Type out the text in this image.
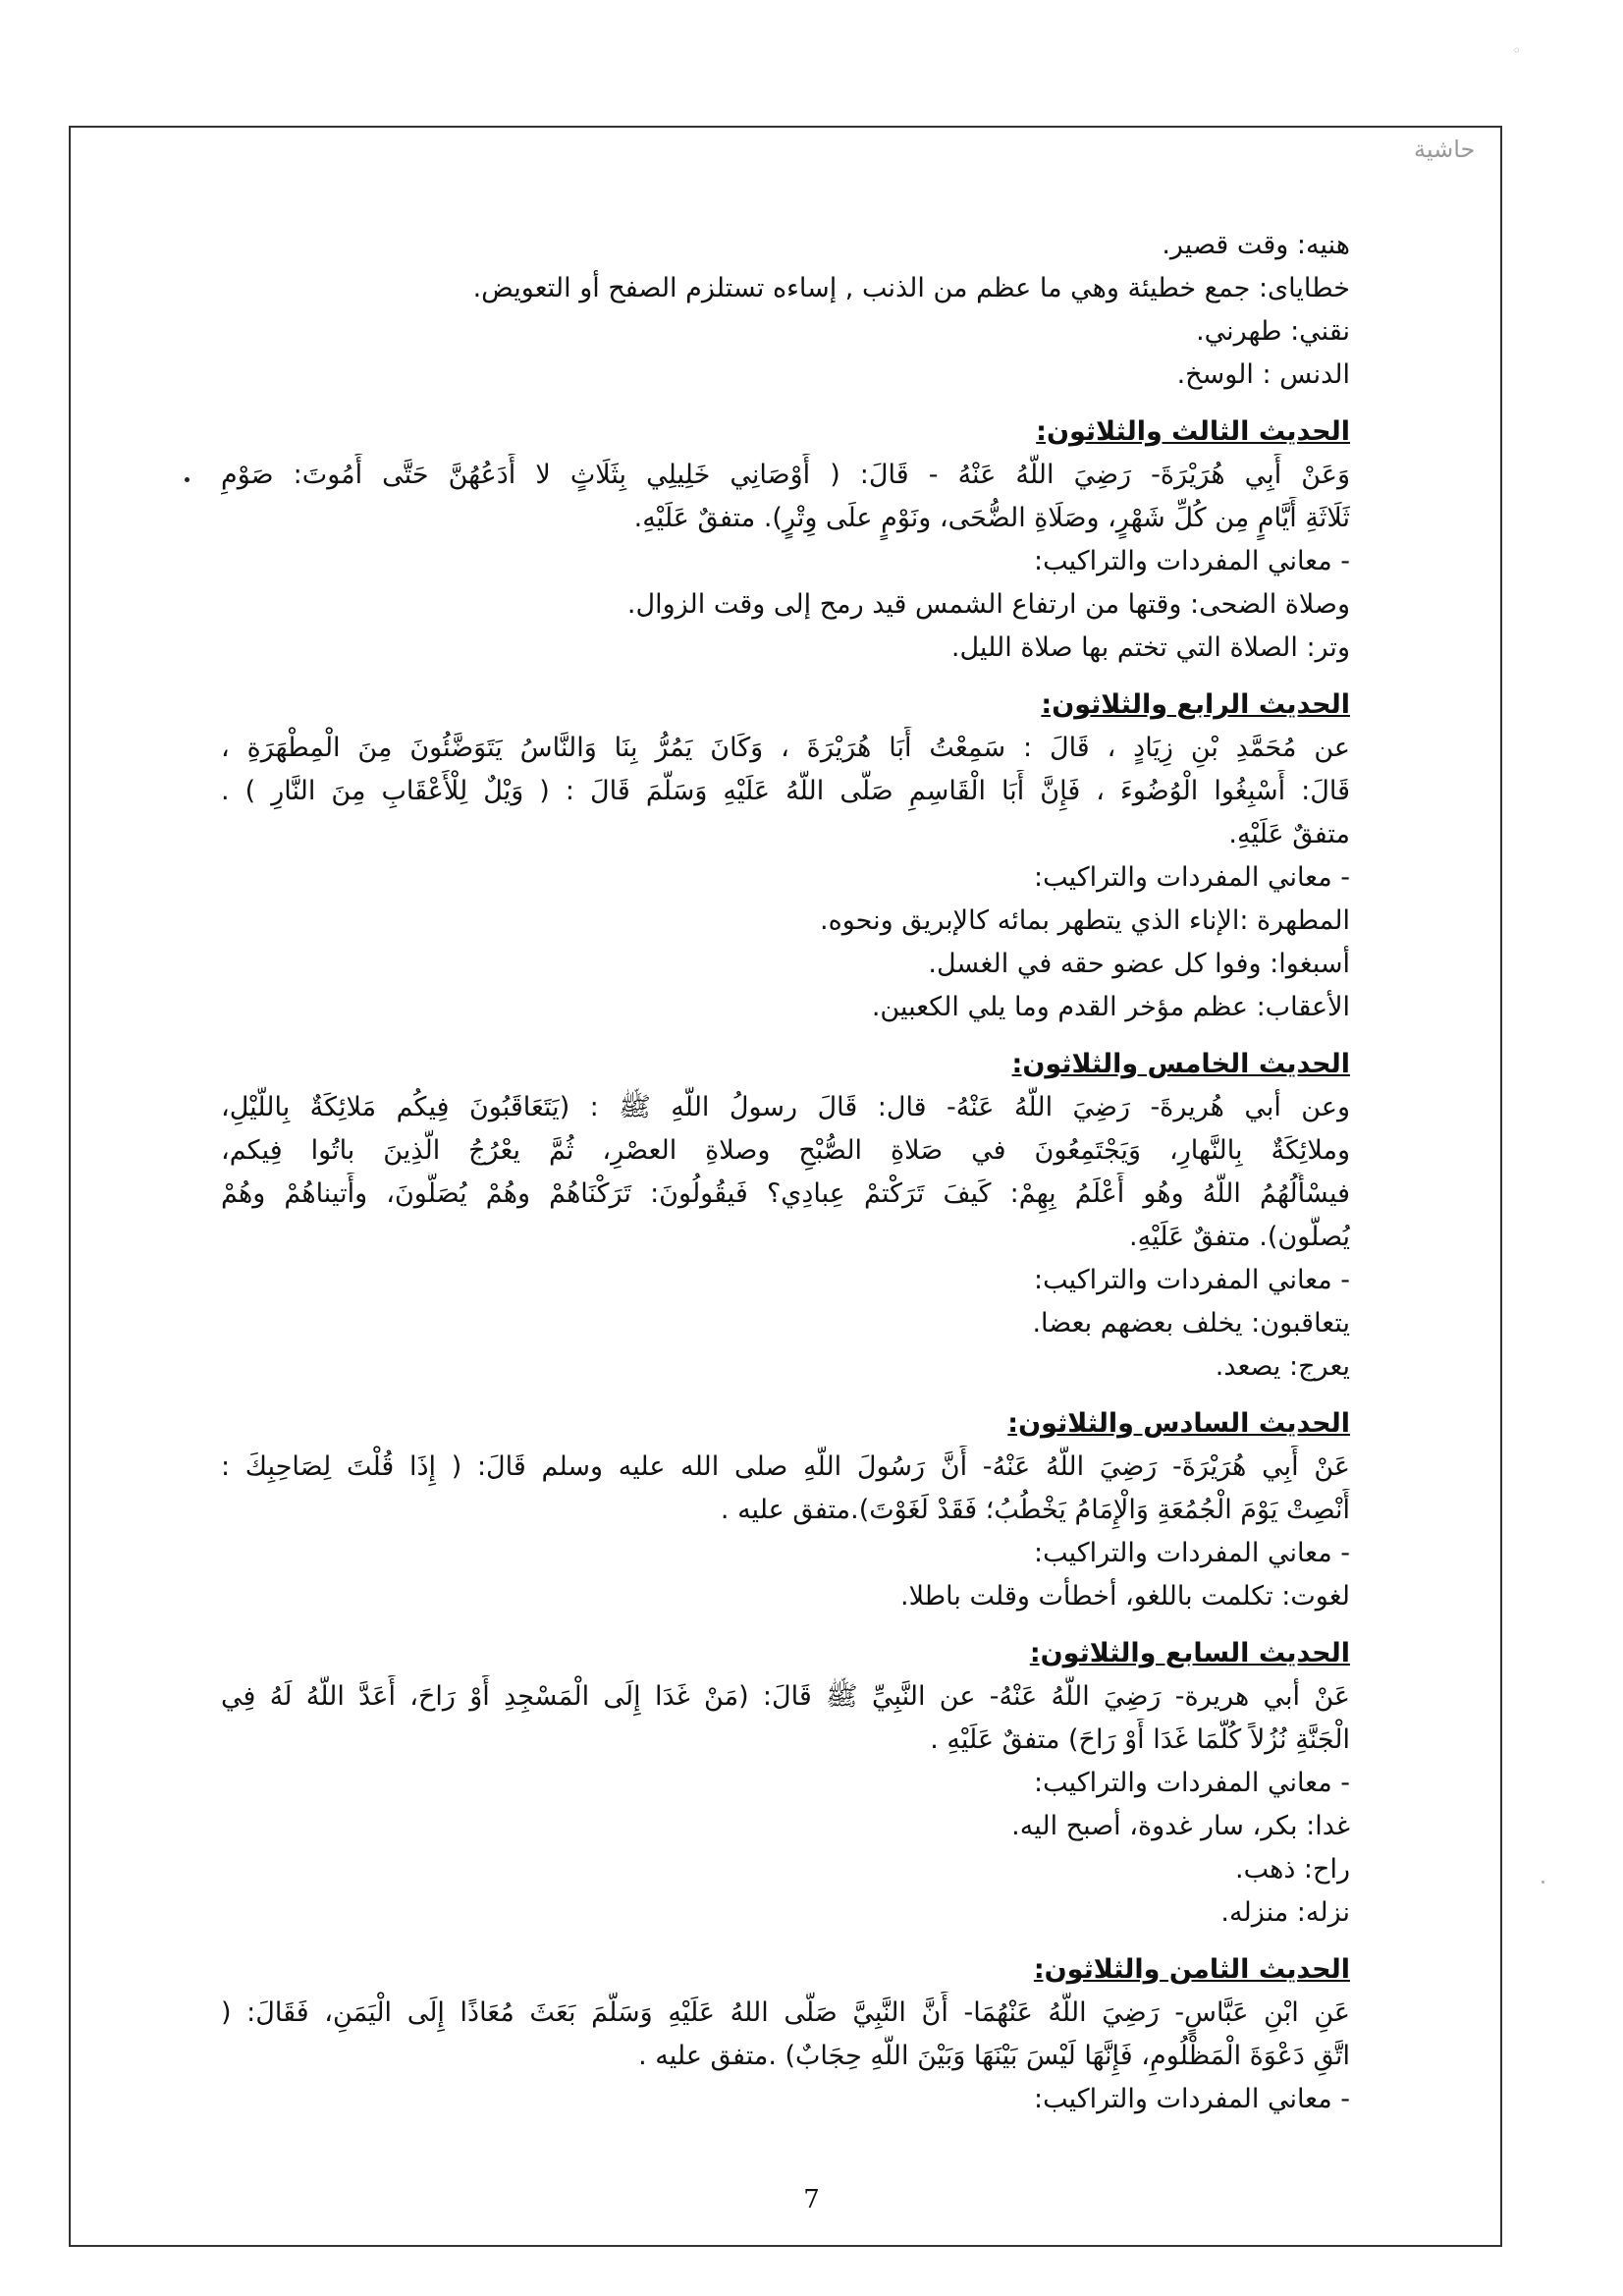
◦
حاشية
هنيه: وقت قصير.
خطاياى: جمع خطيئة وهي ما عظم من الذنب , إساءه تستلزم الصفح أو التعويض.
نقني: طهرني.
الدنس : الوسخ.
الحديث الثالث والثلاثون:
وَعَنْ أَبِي هُرَيْرَةَ- رَضِيَ اللَّهُ عَنْهُ - قَالَ: ( أَوْصَانِي خَلِيلِي بِثَلَاثٍ لا أَدَعُهُنَّ حَتَّى أَمُوتَ: صَوْمِ
ثَلَاثَةِ أَيَّامٍ مِن كُلِّ شَهْرٍ، وصَلَاةِ الضُّحَى، ونَوْمٍ علَى وِتْرٍ). متفقٌ عَلَيْهِ.
- معاني المفردات والتراكيب:
وصلاة الضحى: وقتها من ارتفاع الشمس قيد رمح إلى وقت الزوال.
وتر: الصلاة التي تختم بها صلاة الليل.
الحديث الرابع والثلاثون:
عن مُحَمَّدِ بْنِ زِيَادٍ ، قَالَ : سَمِعْتُ أَبَا هُرَيْرَةَ ، وَكَانَ يَمُرُّ بِنَا وَالنَّاسُ يَتَوَضَّئُونَ مِنَ الْمِطْهَرَةِ ،
قَالَ: أَسْبِغُوا الْوُضُوءَ ، فَإِنَّ أَبَا الْقَاسِمِ صَلَّى اللَّهُ عَلَيْهِ وَسَلَّمَ قَالَ : ( وَيْلٌ لِلْأَعْقَابِ مِنَ النَّارِ ) .
متفقٌ عَلَيْهِ.
- معاني المفردات والتراكيب:
المطهرة :الإناء الذي يتطهر بمائه كالإبريق ونحوه.
أسبغوا: وفوا كل عضو حقه في الغسل.
الأعقاب: عظم مؤخر القدم وما يلي الكعبين.
الحديث الخامس والثلاثون:
وعن أبي هُريرةَ- رَضِيَ اللَّهُ عَنْهُ- قال: قَالَ رسولُ اللَّهِ ﷺ : (يَتَعَاقَبُونَ فِيكُم مَلائِكَةٌ بِاللَّيْلِ،
وملائِكَةٌ بِالنَّهارِ، وَيَجْتَمِعُونَ في صَلاةِ الصُّبْحِ وصلاةِ العصْرِ، ثُمَّ يعْرُجُ الَّذِينَ باتُوا فِيكم،
فيسْأَلُهُمُ اللَّهُ وهُو أَعْلَمُ بِهِمْ: كَيفَ تَرَكْتمْ عِبادِي؟ فَيقُولُونَ: تَرَكْنَاهُمْ وهُمْ يُصَلُّونَ، وأَتيناهُمْ وهُمْ
يُصلُّون). متفقٌ عَلَيْهِ.
- معاني المفردات والتراكيب:
يتعاقبون: يخلف بعضهم بعضا.
يعرج: يصعد.
الحديث السادس والثلاثون:
عَنْ أَبِي هُرَيْرَةَ- رَضِيَ اللَّهُ عَنْهُ- أَنَّ رَسُولَ اللَّهِ صلى الله عليه وسلم قَالَ: ( إِذَا قُلْتَ لِصَاحِبِكَ :
أَنْصِتْ يَوْمَ الْجُمُعَةِ وَالْإِمَامُ يَخْطُبُ؛ فَقَدْ لَغَوْتَ).متفق عليه .
- معاني المفردات والتراكيب:
لغوت: تكلمت باللغو، أخطأت وقلت باطلا.
الحديث السابع والثلاثون:
عَنْ أبي هريرة- رَضِيَ اللَّهُ عَنْهُ- عن النَّبِيِّ ﷺ قَالَ: (مَنْ غَدَا إِلَى الْمَسْجِدِ أَوْ رَاحَ، أَعَدَّ اللَّهُ لَهُ فِي
الْجَنَّةِ نُزُلاً كُلَّمَا غَدَا أَوْ رَاحَ) متفقٌ عَلَيْهِ .
- معاني المفردات والتراكيب:
غدا: بكر، سار غدوة، أصبح اليه.
راح: ذهب.
نزله: منزله.
الحديث الثامن والثلاثون:
عَنِ ابْنِ عَبَّاسٍ- رَضِيَ اللَّهُ عَنْهُمَا- أَنَّ النَّبِيَّ صَلَّى اللهُ عَلَيْهِ وَسَلَّمَ بَعَثَ مُعَاذًا إِلَى الْيَمَنِ، فَقَالَ: (
اتَّقِ دَعْوَةَ الْمَظْلُومِ، فَإِنَّهَا لَيْسَ بَيْنَهَا وَبَيْنَ اللَّهِ حِجَابٌ) .متفق عليه .
- معاني المفردات والتراكيب:
7
